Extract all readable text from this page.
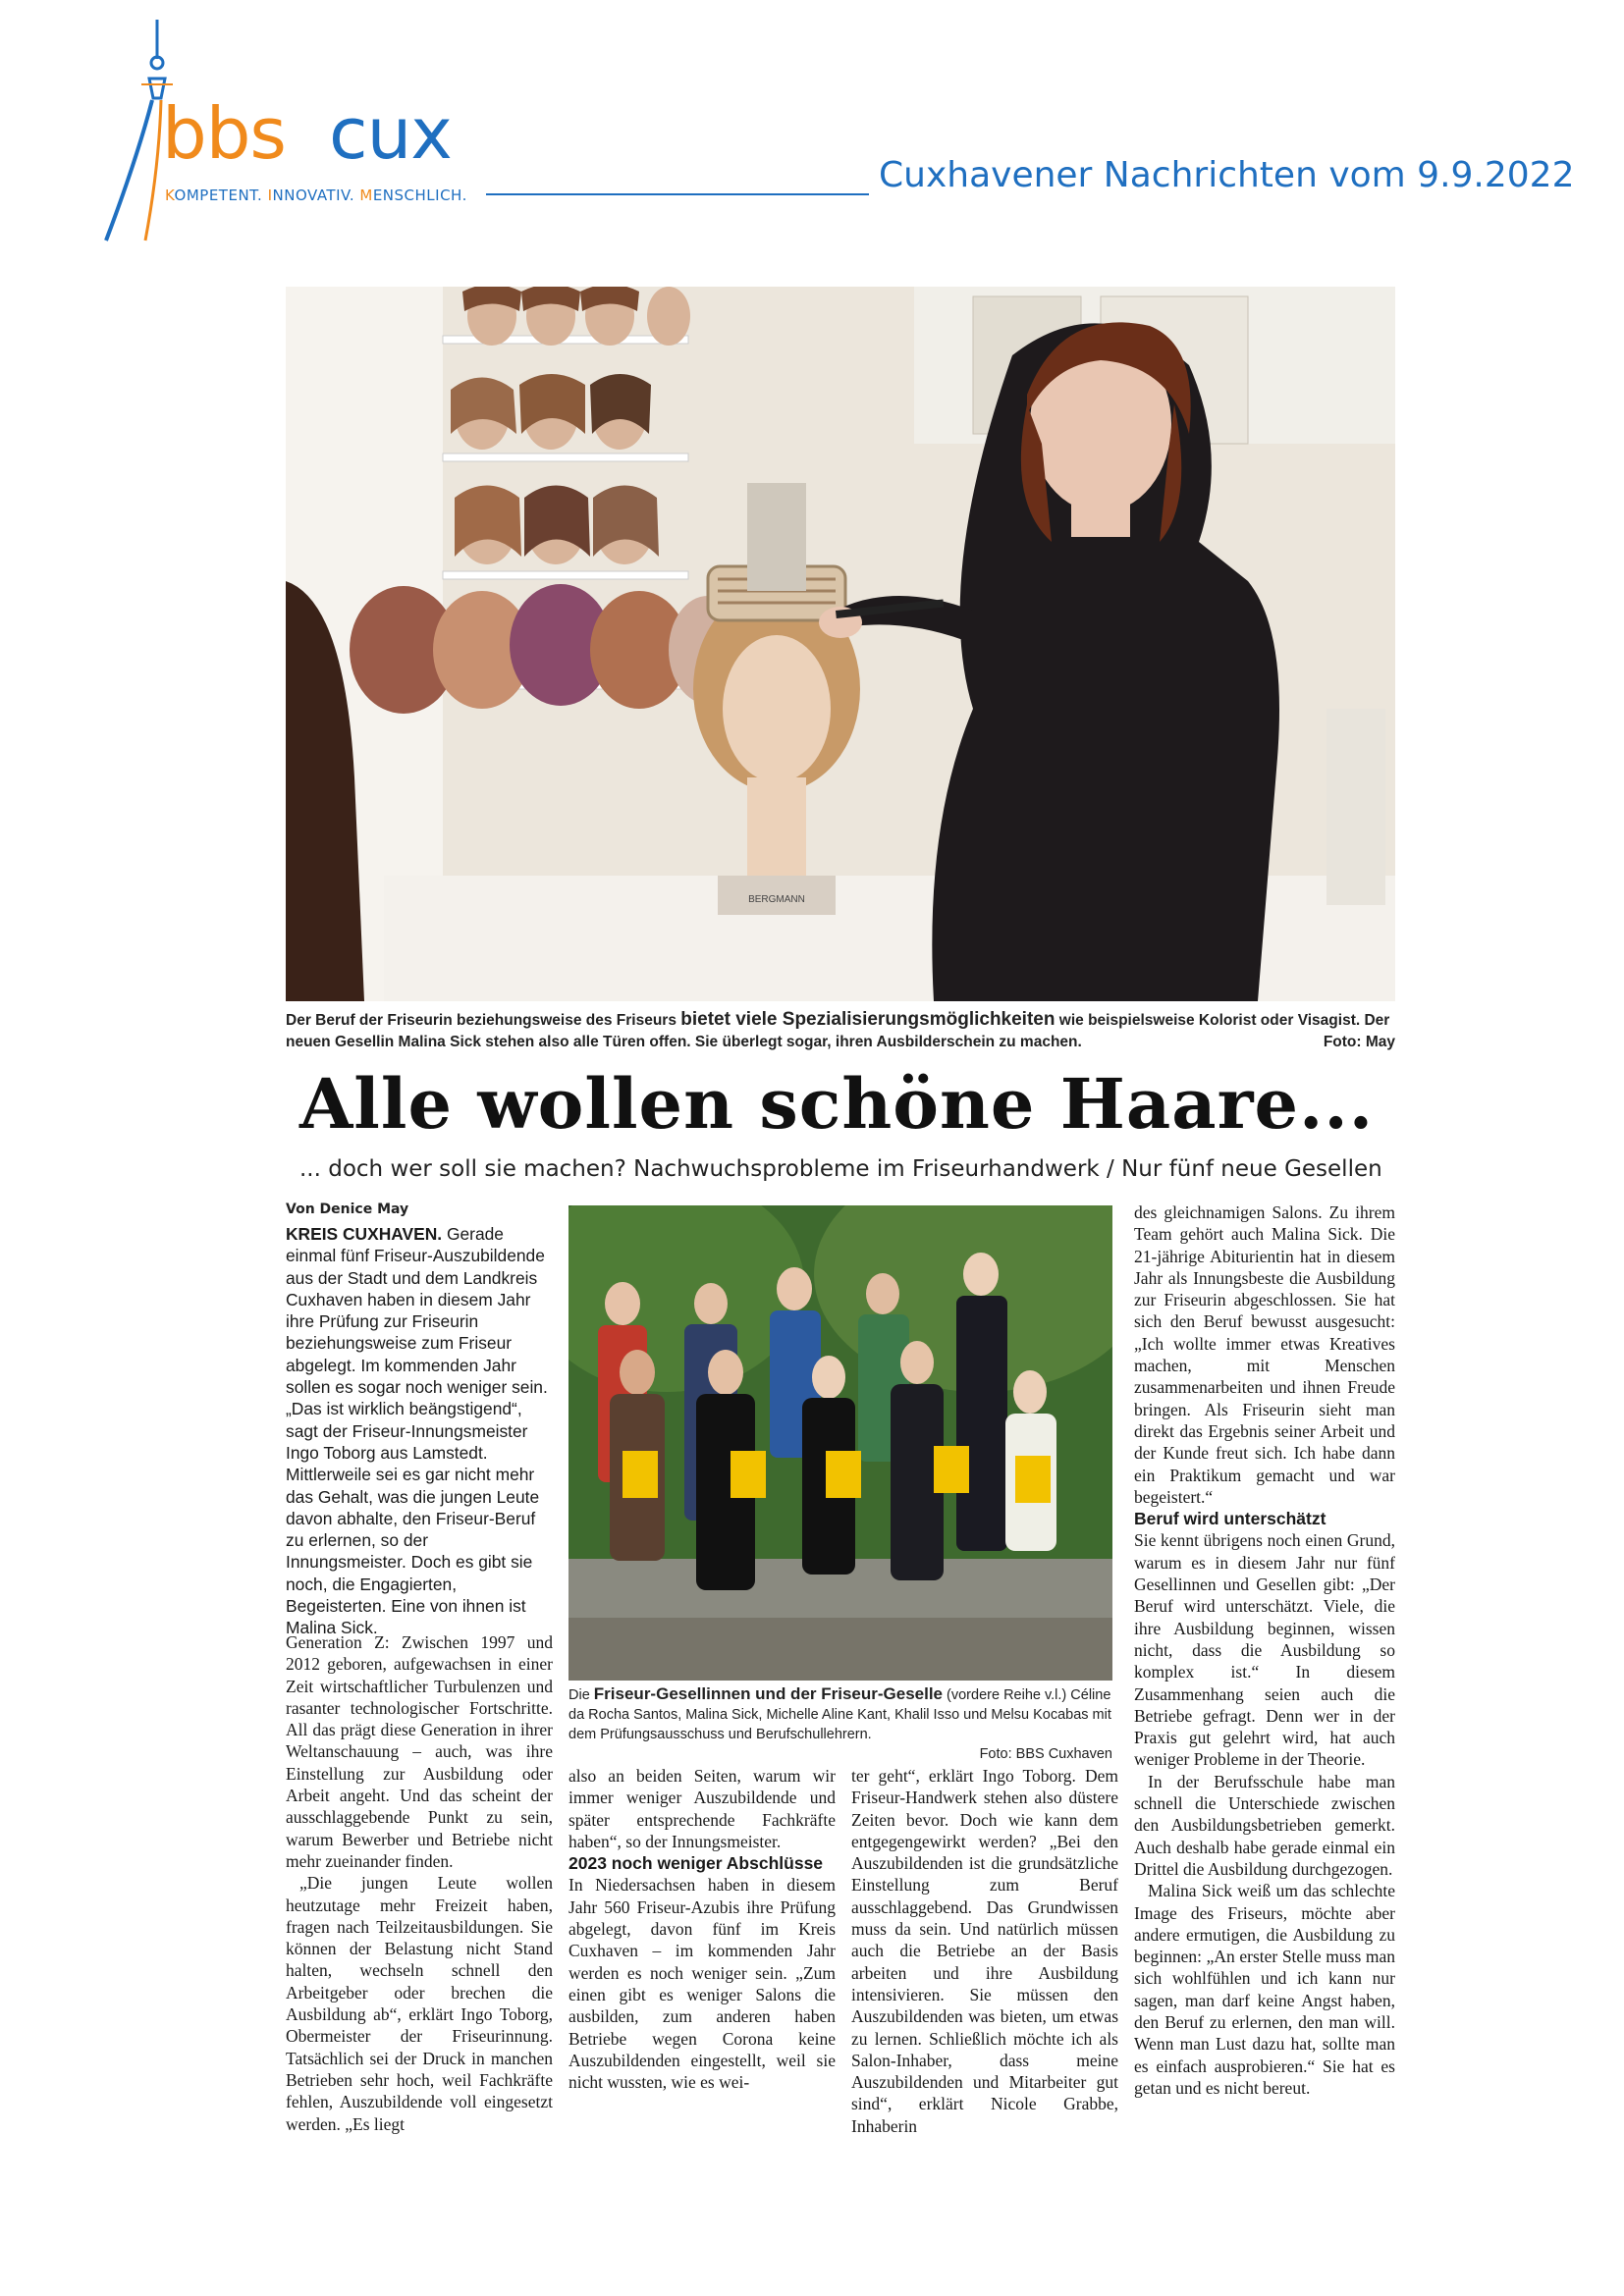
bbs cux
KOMPETENT. INNOVATIV. MENSCHLICH.	Cuxhavener Nachrichten vom 9.9.2022
BERGMANN
Der Beruf der Friseurin beziehungsweise des Friseurs bietet viele Spezialisierungsmöglichkeiten wie beispielsweise Kolorist oder Visagist. Der neuen Gesellin Malina Sick stehen also alle Türen offen. Sie überlegt sogar, ihren Ausbilderschein zu machen.	Foto: May
Alle wollen schöne Haare...
... doch wer soll sie machen? Nachwuchsprobleme im Friseurhandwerk / Nur fünf neue Gesellen
Von Denice May
KREIS CUXHAVEN. Gerade einmal fünf Friseur-Auszubildende aus der Stadt und dem Landkreis Cuxhaven haben in diesem Jahr ihre Prüfung zur Friseurin beziehungsweise zum Friseur abgelegt. Im kommenden Jahr sollen es sogar noch weniger sein. „Das ist wirklich beängstigend“, sagt der Friseur-Innungsmeister Ingo Toborg aus Lamstedt. Mittlerweile sei es gar nicht mehr das Gehalt, was die jungen Leute davon abhalte, den Friseur-Beruf zu erlernen, so der Innungsmeister. Doch es gibt sie noch, die Engagierten, Begeisterten. Eine von ihnen ist Malina Sick.

Generation Z: Zwischen 1997 und 2012 geboren, aufgewachsen in einer Zeit wirtschaftlicher Turbulenzen und rasanter technologischer Fortschritte. All das prägt diese Generation in ihrer Weltanschauung – auch, was ihre Einstellung zur Ausbildung oder Arbeit angeht. Und das scheint der ausschlaggebende Punkt zu sein, warum Bewerber und Betriebe nicht mehr zueinander finden.

„Die jungen Leute wollen heutzutage mehr Freizeit haben, fragen nach Teilzeitausbildungen. Sie können der Belastung nicht Stand halten, wechseln schnell den Arbeitgeber oder brechen die Ausbildung ab“, erklärt Ingo Toborg, Obermeister der Friseurinnung. Tatsächlich sei der Druck in manchen Betrieben sehr hoch, weil Fachkräfte fehlen, Auszubildende voll eingesetzt werden. „Es liegt

Die Friseur-Gesellinnen und der Friseur-Geselle (vordere Reihe v.l.) Céline da Rocha Santos, Malina Sick, Michelle Aline Kant, Khalil Isso und Melsu Kocabas mit dem Prüfungsausschuss und Berufschullehrern.
Foto: BBS Cuxhaven

also an beiden Seiten, warum wir immer weniger Auszubildende und später entsprechende Fachkräfte haben“, so der Innungsmeister.

2023 noch weniger Abschlüsse

In Niedersachsen haben in diesem Jahr 560 Friseur-Azubis ihre Prüfung abgelegt, davon fünf im Kreis Cuxhaven – im kommenden Jahr werden es noch weniger sein. „Zum einen gibt es weniger Salons die ausbilden, zum anderen haben Betriebe wegen Corona keine Auszubildenden eingestellt, weil sie nicht wussten, wie es wei-

ter geht“, erklärt Ingo Toborg. Dem Friseur-Handwerk stehen also düstere Zeiten bevor. Doch wie kann dem entgegengewirkt werden? „Bei den Auszubildenden ist die grundsätzliche Einstellung zum Beruf ausschlaggebend. Das Grundwissen muss da sein. Und natürlich müssen auch die Betriebe an der Basis arbeiten und ihre Ausbildung intensivieren. Sie müssen den Auszubildenden was bieten, um etwas zu lernen. Schließlich möchte ich als Salon-Inhaber, dass meine Auszubildenden und Mitarbeiter gut sind“, erklärt Nicole Grabbe, Inhaberin

des gleichnamigen Salons. Zu ihrem Team gehört auch Malina Sick. Die 21-jährige Abiturientin hat in diesem Jahr als Innungsbeste die Ausbildung zur Friseurin abgeschlossen. Sie hat sich den Beruf bewusst ausgesucht: „Ich wollte immer etwas Kreatives machen, mit Menschen zusammenarbeiten und ihnen Freude bringen. Als Friseurin sieht man direkt das Ergebnis seiner Arbeit und der Kunde freut sich. Ich habe dann ein Praktikum gemacht und war begeistert.“

Beruf wird unterschätzt

Sie kennt übrigens noch einen Grund, warum es in diesem Jahr nur fünf Gesellinnen und Gesellen gibt: „Der Beruf wird unterschätzt. Viele, die ihre Ausbildung beginnen, wissen nicht, dass die Ausbildung so komplex ist.“ In diesem Zusammenhang seien auch die Betriebe gefragt. Denn wer in der Praxis gut gelehrt wird, hat auch weniger Probleme in der Theorie.

In der Berufsschule habe man schnell die Unterschiede zwischen den Ausbildungsbetrieben gemerkt. Auch deshalb habe gerade einmal ein Drittel die Ausbildung durchgezogen.

Malina Sick weiß um das schlechte Image des Friseurs, möchte aber andere ermutigen, die Ausbildung zu beginnen: „An erster Stelle muss man sich wohlfühlen und ich kann nur sagen, man darf keine Angst haben, den Beruf zu erlernen, den man will. Wenn man Lust dazu hat, sollte man es einfach ausprobieren.“ Sie hat es getan und es nicht bereut.
